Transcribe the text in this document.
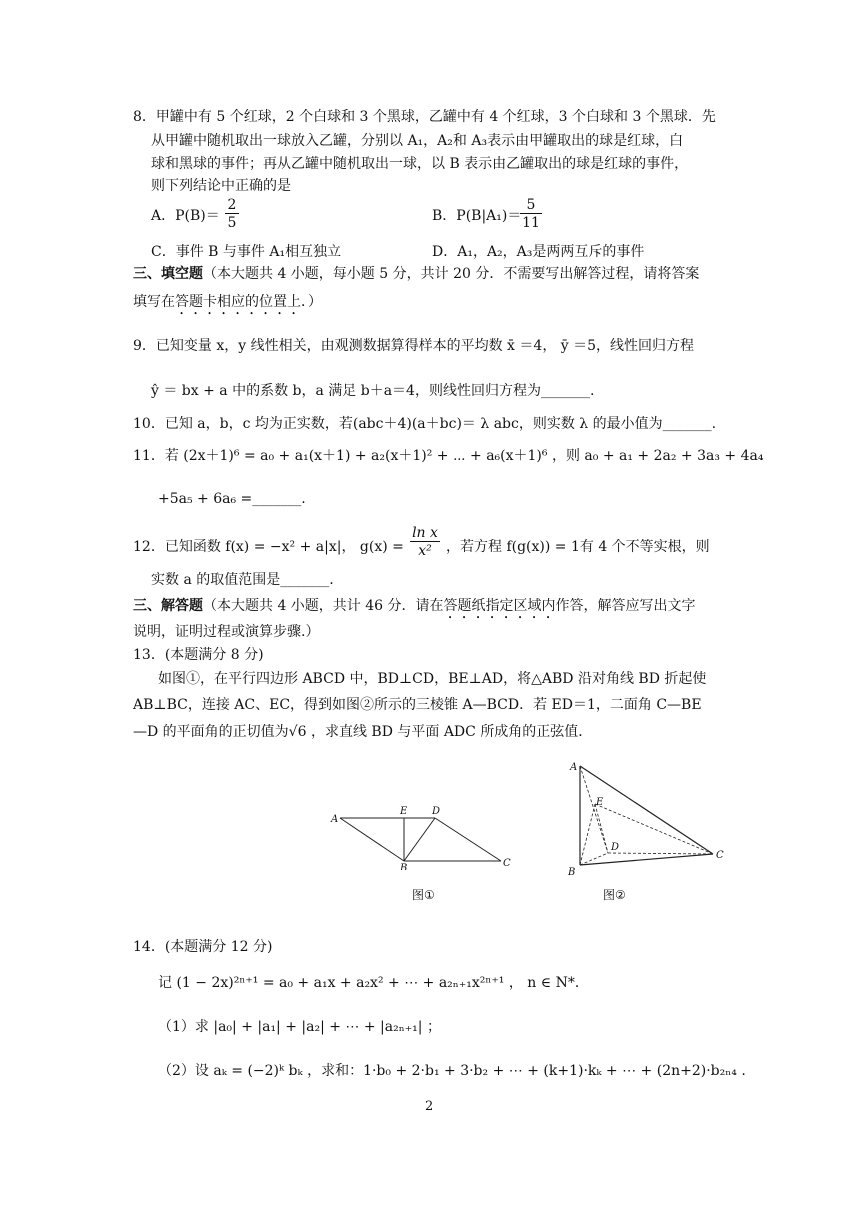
8．甲罐中有 5 个红球，2 个白球和 3 个黑球，乙罐中有 4 个红球，3 个白球和 3 个黑球．先
从甲罐中随机取出一球放入乙罐，分别以 A₁，A₂和 A₃表示由甲罐取出的球是红球，白
球和黑球的事件；再从乙罐中随机取出一球，以 B 表示由乙罐取出的球是红球的事件，
则下列结论中正确的是
A．$P(B)= \frac{2}{5}$	B．P(B|A₁)＝
$\frac{5}{11}$
C．事件 B 与事件 A₁相互独立	D．A₁，A₂，A₃是两两互斥的事件
三、填空题（本大题共 4 小题，每小题 5 分，共计 20 分．不需要写出解答过程，请将答案
填写在答题卡相应的位置上．）
9．已知变量 x，y 线性相关，由观测数据算得样本的平均数 x̄ ＝4， ȳ ＝5，线性回归方程
ŷ ＝ bx + a 中的系数 b，a 满足 b＋a＝4，则线性回归方程为_______.
10．已知 a，b，c 均为正实数，若(abc＋4)(a＋bc)＝ λ abc，则实数 λ 的最小值为_______.
11．若 (2x＋1)⁶ = a₀ + a₁(x＋1) + a₂(x＋1)² + ⋯ + a₆(x＋1)⁶ ，则 a₀ + a₁ + 2a₂ + 3a₃ + 4a₄
+5a₅ + 6a₆ =_______.
12．已知函数 f(x) = −x² + a|x|， $g(x) = \frac{\text{ln x}}{\text{x²}}$ ，若方程 f(g(x)) = 1有 4 个不等实根，则
实数 a 的取值范围是_______.
三、解答题（本大题共 4 小题，共计 46 分．请在答题纸指定区域内作答，解答应写出文字
说明，证明过程或演算步骤.）
13．(本题满分 8 分)
如图①，在平行四边形 ABCD 中，BD⊥CD，BE⊥AD，将△ABD 沿对角线 BD 折起使
AB⊥BC，连接 AC、EC，得到如图②所示的三棱锥 A—BCD．若 ED＝1，二面角 C—BE
—D 的平面角的正切值为√6 ，求直线 BD 与平面 ADC 所成角的正弦值．
A
E D
B	C
图①
A
E
D
B
C
图②
14．(本题满分 12 分)
记 (1 − 2x)²ⁿ⁺¹ = a₀ + a₁x + a₂x² + ⋯ + a₂ₙ₊₁x²ⁿ⁺¹ ， n ∈ N*．
（1）求 |a₀| + |a₁| + |a₂| + ⋯ + |a₂ₙ₊₁| ；
（2）设 aₖ = (−2)ᵏ bₖ ，求和：1·b₀ + 2·b₁ + 3·b₂ + ⋯ + (k+1)·kₖ + ⋯ + (2n+2)·b₂ₙ₄ .
2
